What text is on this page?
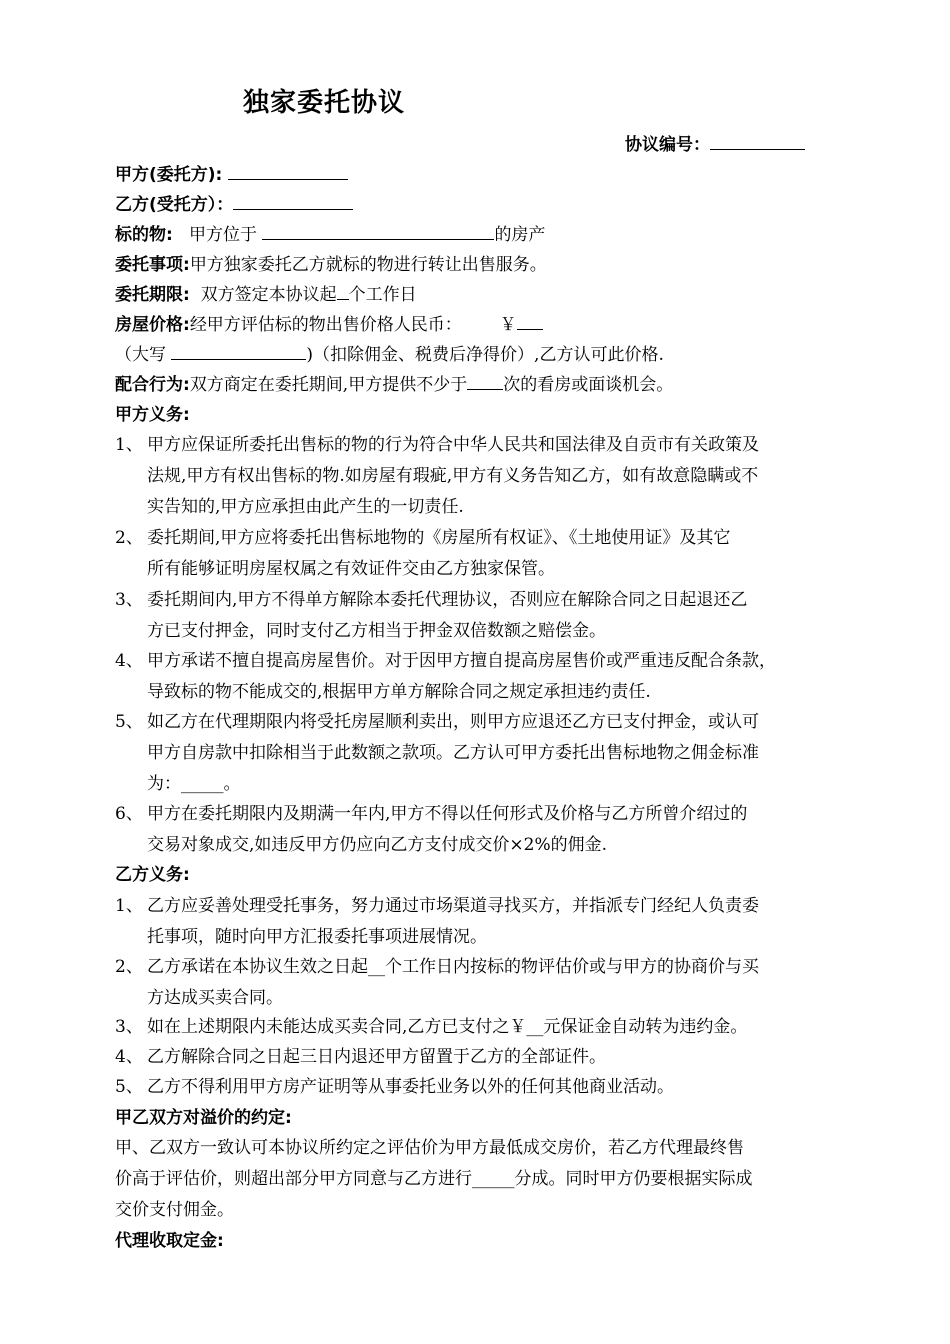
独家委托协议
协议编号：
甲方(委托方):
乙方(受托方）：
标的物: 甲方位于	的房产
委托事项:甲方独家委托乙方就标的物进行转让出售服务。
委托期限: 双方签定本协议起 个工作日
房屋价格:经甲方评估标的物出售价格人民币： ￥
（大写	)（扣除佣金、税费后净得价）,乙方认可此价格.
配合行为:双方商定在委托期间,甲方提供不少于 次的看房或面谈机会。
甲方义务:
1、 甲方应保证所委托出售标的物的行为符合中华人民共和国法律及自贡市有关政策及
法规,甲方有权出售标的物.如房屋有瑕疵,甲方有义务告知乙方，如有故意隐瞒或不
实告知的,甲方应承担由此产生的一切责任.
2、 委托期间,甲方应将委托出售标地物的《房屋所有权证》、《土地使用证》及其它
所有能够证明房屋权属之有效证件交由乙方独家保管。
3、 委托期间内,甲方不得单方解除本委托代理协议，否则应在解除合同之日起退还乙
方已支付押金，同时支付乙方相当于押金双倍数额之赔偿金。
4、 甲方承诺不擅自提高房屋售价。对于因甲方擅自提高房屋售价或严重违反配合条款，
导致标的物不能成交的,根据甲方单方解除合同之规定承担违约责任.
5、 如乙方在代理期限内将受托房屋顺利卖出，则甲方应退还乙方已支付押金，或认可
甲方自房款中扣除相当于此数额之款项。乙方认可甲方委托出售标地物之佣金标准
为：_____。
6、 甲方在委托期限内及期满一年内,甲方不得以任何形式及价格与乙方所曾介绍过的
交易对象成交,如违反甲方仍应向乙方支付成交价×2%的佣金.
乙方义务:
1、 乙方应妥善处理受托事务，努力通过市场渠道寻找买方，并指派专门经纪人负责委
托事项，随时向甲方汇报委托事项进展情况。
2、 乙方承诺在本协议生效之日起__个工作日内按标的物评估价或与甲方的协商价与买
方达成买卖合同。
3、 如在上述期限内未能达成买卖合同,乙方已支付之￥__元保证金自动转为违约金。
4、 乙方解除合同之日起三日内退还甲方留置于乙方的全部证件。
5、 乙方不得利用甲方房产证明等从事委托业务以外的任何其他商业活动。
甲乙双方对溢价的约定:
甲、乙双方一致认可本协议所约定之评估价为甲方最低成交房价，若乙方代理最终售
价高于评估价，则超出部分甲方同意与乙方进行_____分成。同时甲方仍要根据实际成
交价支付佣金。
代理收取定金:
